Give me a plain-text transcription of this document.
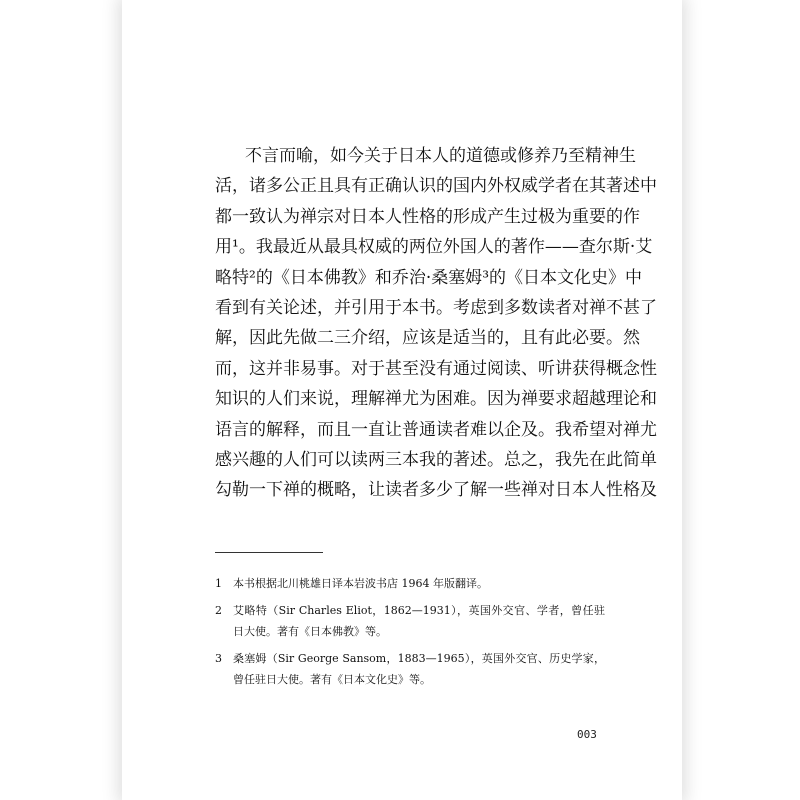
不言而喻，如今关于日本人的道德或修养乃至精神生
活，诸多公正且具有正确认识的国内外权威学者在其著述中
都一致认为禅宗对日本人性格的形成产生过极为重要的作
用¹。我最近从最具权威的两位外国人的著作——查尔斯·艾
略特²的《日本佛教》和乔治·桑塞姆³的《日本文化史》中
看到有关论述，并引用于本书。考虑到多数读者对禅不甚了
解，因此先做二三介绍，应该是适当的，且有此必要。然
而，这并非易事。对于甚至没有通过阅读、听讲获得概念性
知识的人们来说，理解禅尤为困难。因为禅要求超越理论和
语言的解释，而且一直让普通读者难以企及。我希望对禅尤
感兴趣的人们可以读两三本我的著述。总之，我先在此简单
勾勒一下禅的概略，让读者多少了解一些禅对日本人性格及
1	本书根据北川桃雄日译本岩波书店 1964 年版翻译。
2	艾略特（Sir Charles Eliot，1862—1931），英国外交官、学者，曾任驻日大使。著有《日本佛教》等。
3	桑塞姆（Sir George Sansom，1883—1965），英国外交官、历史学家，曾任驻日大使。著有《日本文化史》等。
003
